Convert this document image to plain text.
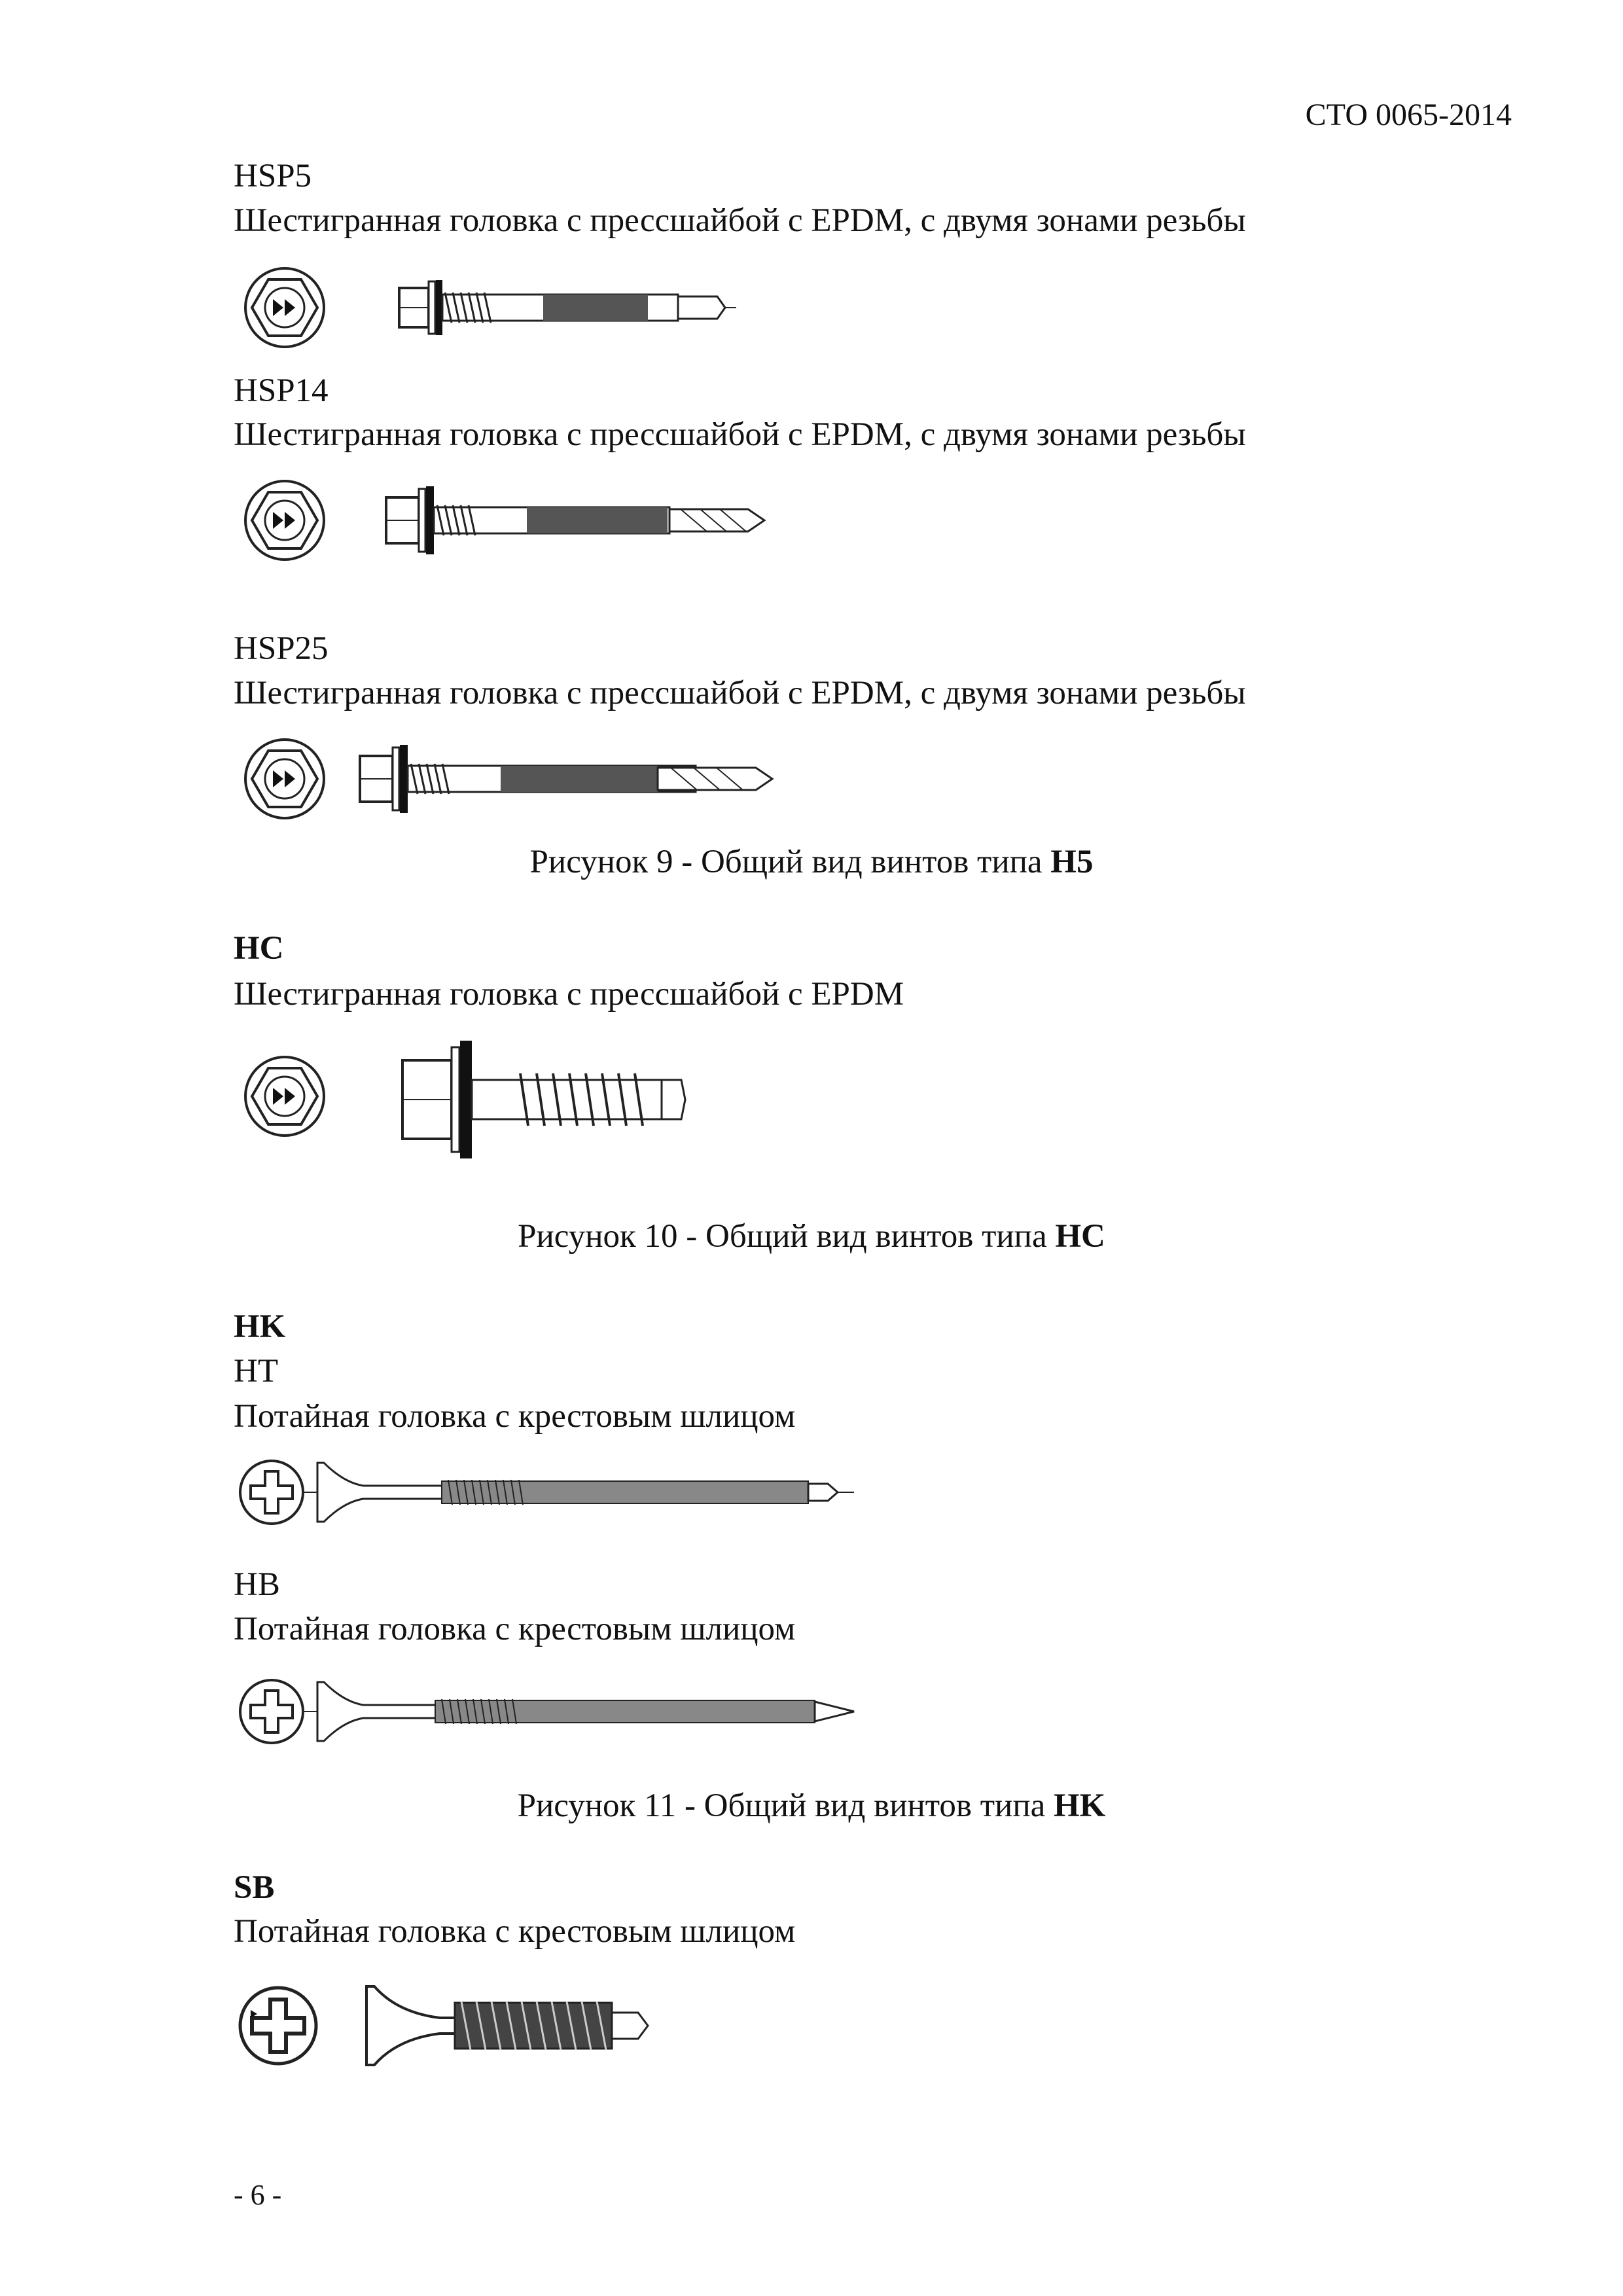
СТО 0065-2014
HSP5
Шестигранная головка с прессшайбой с EPDM, с двумя зонами резьбы
HSP14
Шестигранная головка с прессшайбой с EPDM, с двумя зонами резьбы
HSP25
Шестигранная головка с прессшайбой с EPDM, с двумя зонами резьбы
Рисунок 9 - Общий вид винтов типа H5
HC
Шестигранная головка с прессшайбой с EPDM
Рисунок 10 - Общий вид винтов типа HC
HK
HT
Потайная головка с крестовым шлицом
HB
Потайная головка с крестовым шлицом
Рисунок 11 - Общий вид винтов типа HK
SB
Потайная головка с крестовым шлицом
- 6 -
